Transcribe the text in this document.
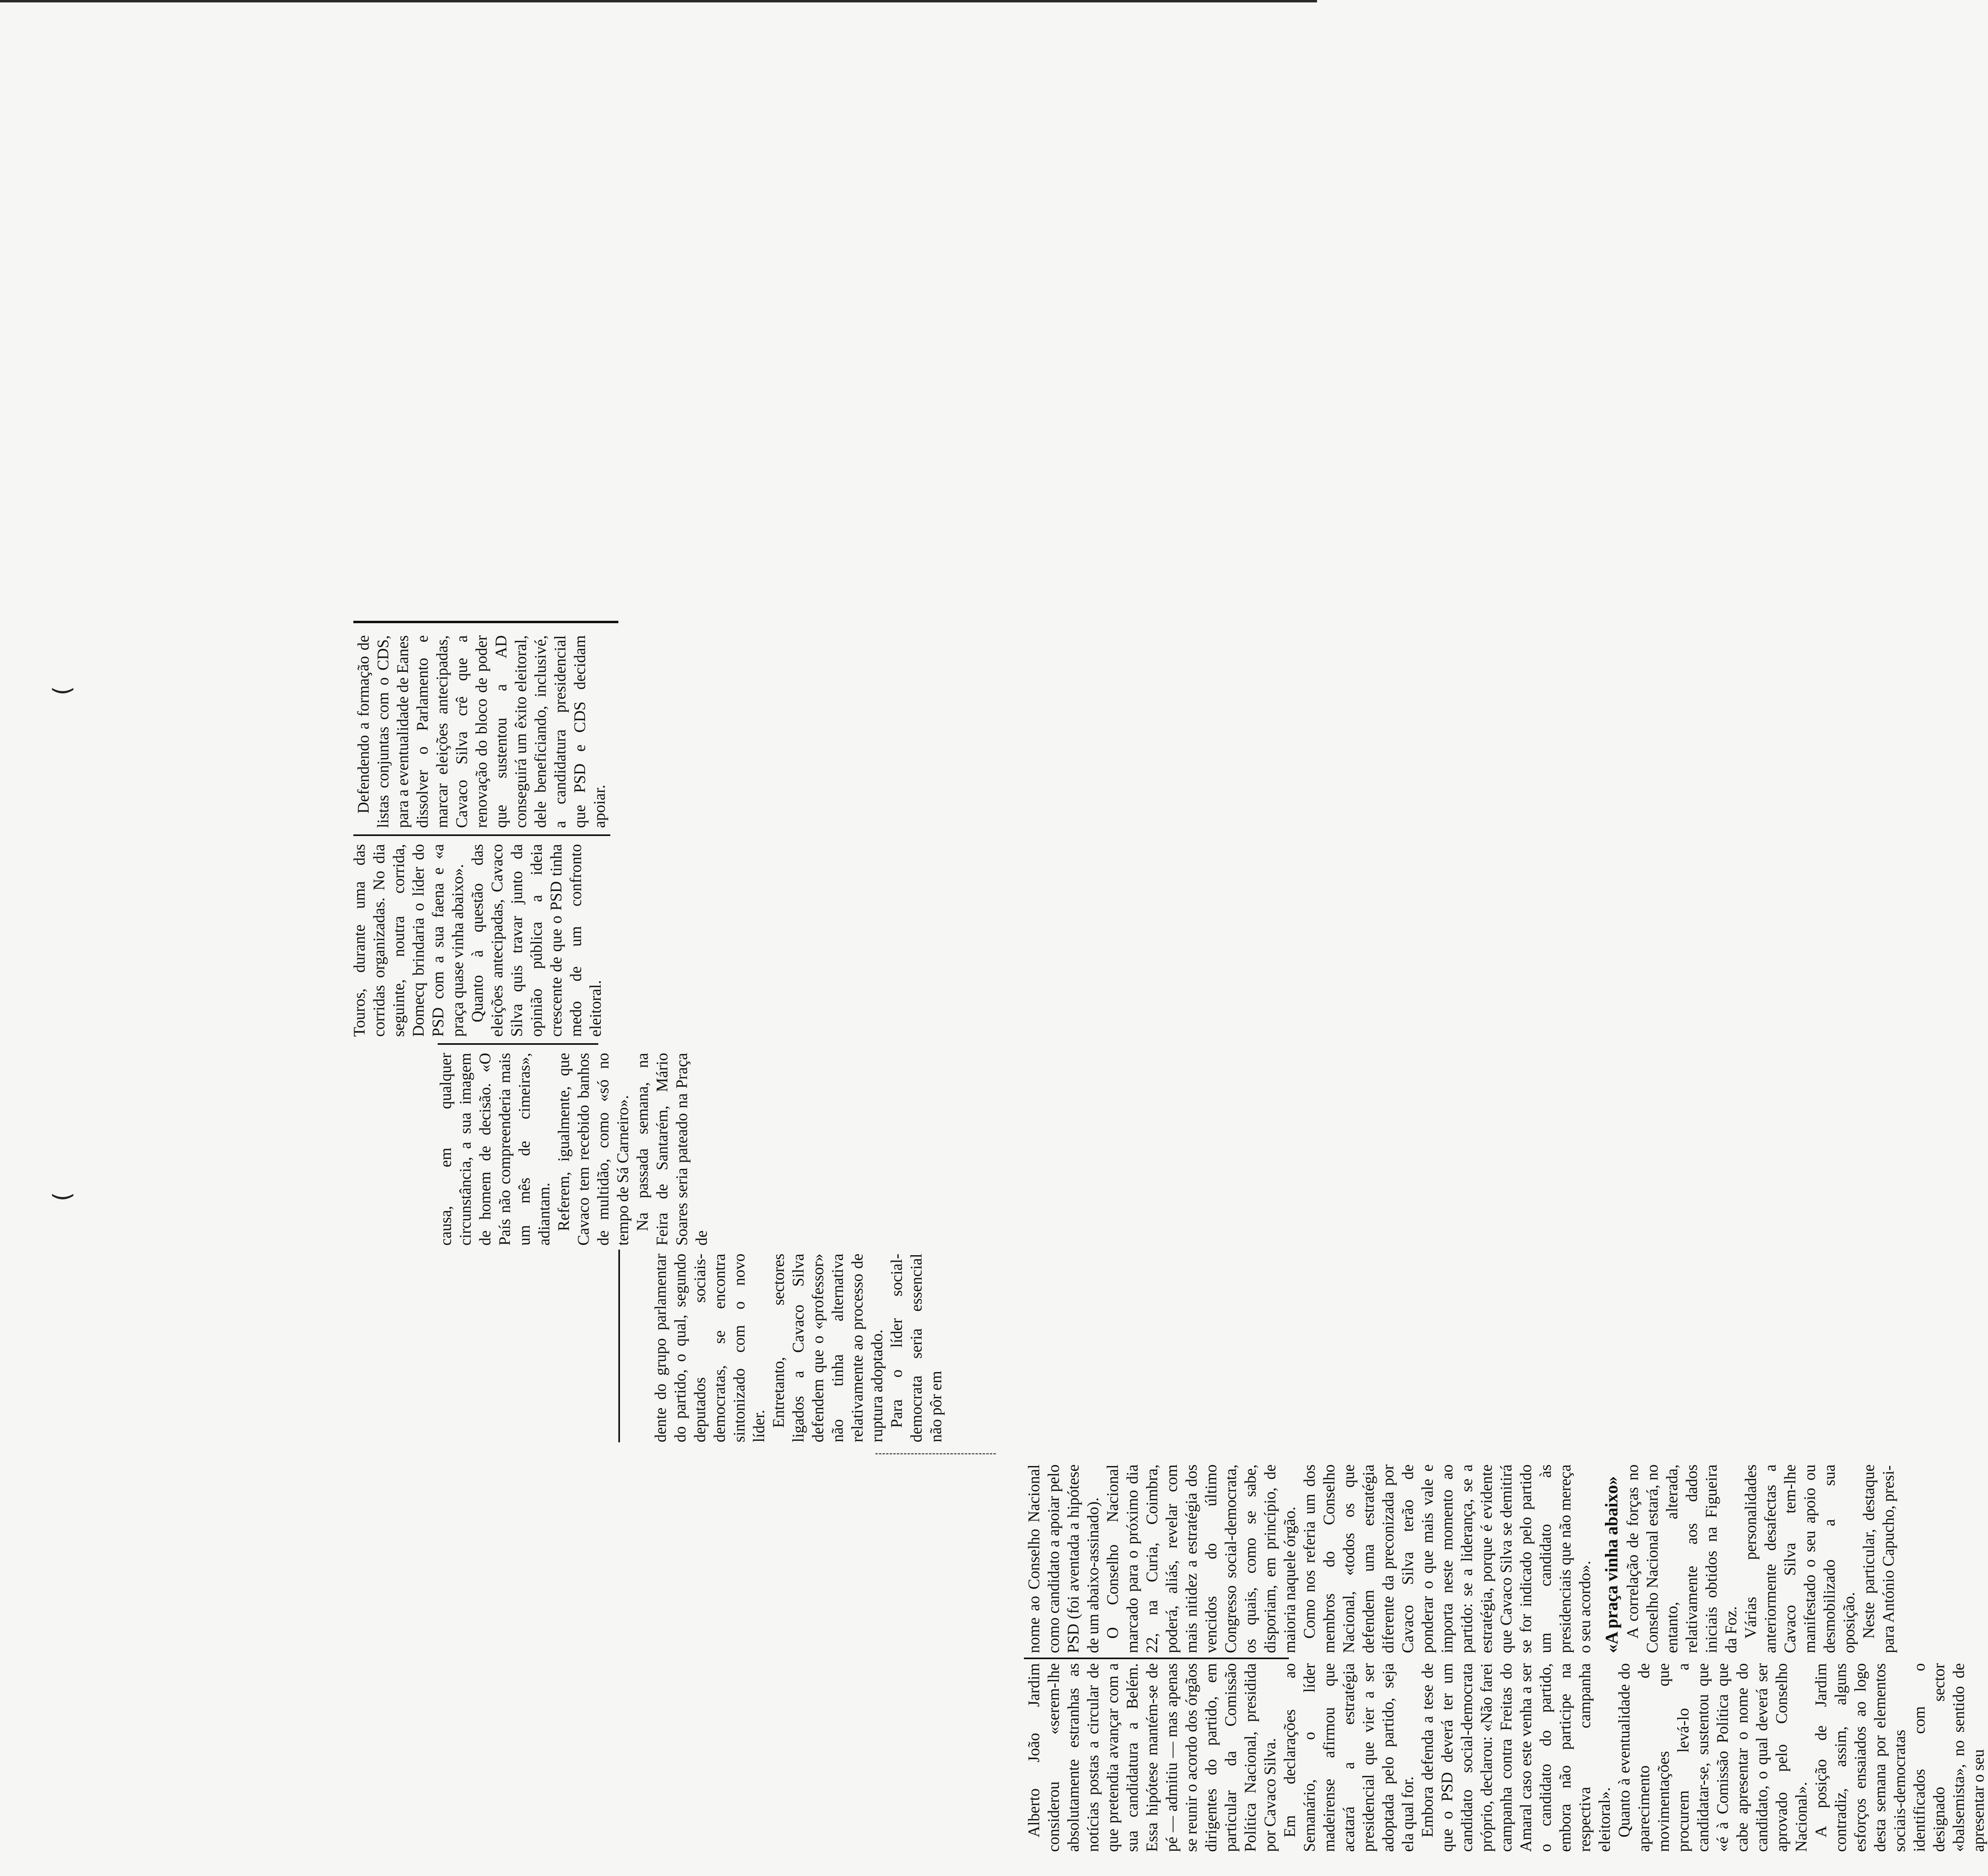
Alberto João Jardim considerou «serem-lhe absolutamente estranhas as notícias postas a circular de que pretendia avançar com a sua candidatura a Belém. Essa hipótese mantém-se de pé — admitiu — mas apenas se reunir o acordo dos órgãos dirigentes do partido, em particular da Comissão Política Nacional, presidida por Cavaco Silva. Em declarações ao Semanário, o líder madeirense afirmou que acatará a estratégia presidencial que vier a ser adoptada pelo partido, seja ela qual for. Embora defenda a tese de que o PSD deverá ter um candidato social-democrata próprio, declarou: «Não farei campanha contra Freitas do Amaral caso este venha a ser o candidato do partido, embora não participe na respectiva campanha eleitoral». Quanto à eventualidade do aparecimento de movimentações que procurem levá-lo a candidatar-se, sustentou que «é à Comissão Política que cabe apresentar o nome do candidato, o qual deverá ser aprovado pelo Conselho Nacional». A posição de Jardim contradiz, assim, alguns esforços ensaiados ao logo desta semana por elementos sociais-democratas identificados com o designado sector «balsemista», no sentido de apresentar o seu

nome ao Conselho Nacional como candidato a apoiar pelo PSD (foi aventada a hipótese de um abaixo-assinado). O Conselho Nacional marcado para o próximo dia 22, na Curia, Coimbra, poderá, aliás, revelar com mais nitidez a estratégia dos vencidos do último Congresso social-democrata, os quais, como se sabe, disporiam, em princípio, de maioria naquele órgão. Como nos referia um dos membros do Conselho Nacional, «todos os que defendem uma estratégia diferente da preconizada por Cavaco Silva terão de ponderar o que mais vale e importa neste momento ao partido: se a liderança, se a estratégia, porque é evidente que Cavaco Silva se demitirá se for indicado pelo partido um candidato às presidenciais que não mereça o seu acordo». «A praça vinha abaixo» A correlação de forças no Conselho Nacional estará, no entanto, alterada, relativamente aos dados iniciais obtidos na Figueira da Foz. Várias personalidades anteriormente desafectas a Cavaco Silva tem-lhe manifestado o seu apoio ou desmobilizado a sua oposição. Neste particular, destaque para António Capucho, presi-

dente do grupo parlamentar do partido, o qual, segundo deputados sociais-democratas, se encontra sintonizado com o novo líder. Entretanto, sectores ligados a Cavaco Silva defendem que o «professor» não tinha alternativa relativamente ao processo de ruptura adoptado. Para o líder social-democrata seria essencial não pôr em

causa, em qualquer circunstância, a sua imagem de homem de decisão. «O País não compreenderia mais um mês de cimeiras», adiantam. Referem, igualmente, que Cavaco tem recebido banhos de multidão, como «só no tempo de Sá Carneiro». Na passada semana, na Feira de Santarém, Mário Soares seria pateado na Praça de

Touros, durante uma das corridas organizadas. No dia seguinte, noutra corrida, Domecq brindaria o líder do PSD com a sua faena e «a praça quase vinha abaixo». Quanto à questão das eleições antecipadas, Cavaco Silva quis travar junto da opinião pública a ideia crescente de que o PSD tinha medo de um confronto eleitoral.

Defendendo a formação de listas conjuntas com o CDS, para a eventualidade de Eanes dissolver o Parlamento e marcar eleições antecipadas, Cavaco Silva crê que a renovação do bloco de poder que sustentou a AD conseguirá um êxito eleitoral, dele beneficiando, inclusivé, a candidatura presidencial que PSD e CDS decidam apoiar.

(
(
